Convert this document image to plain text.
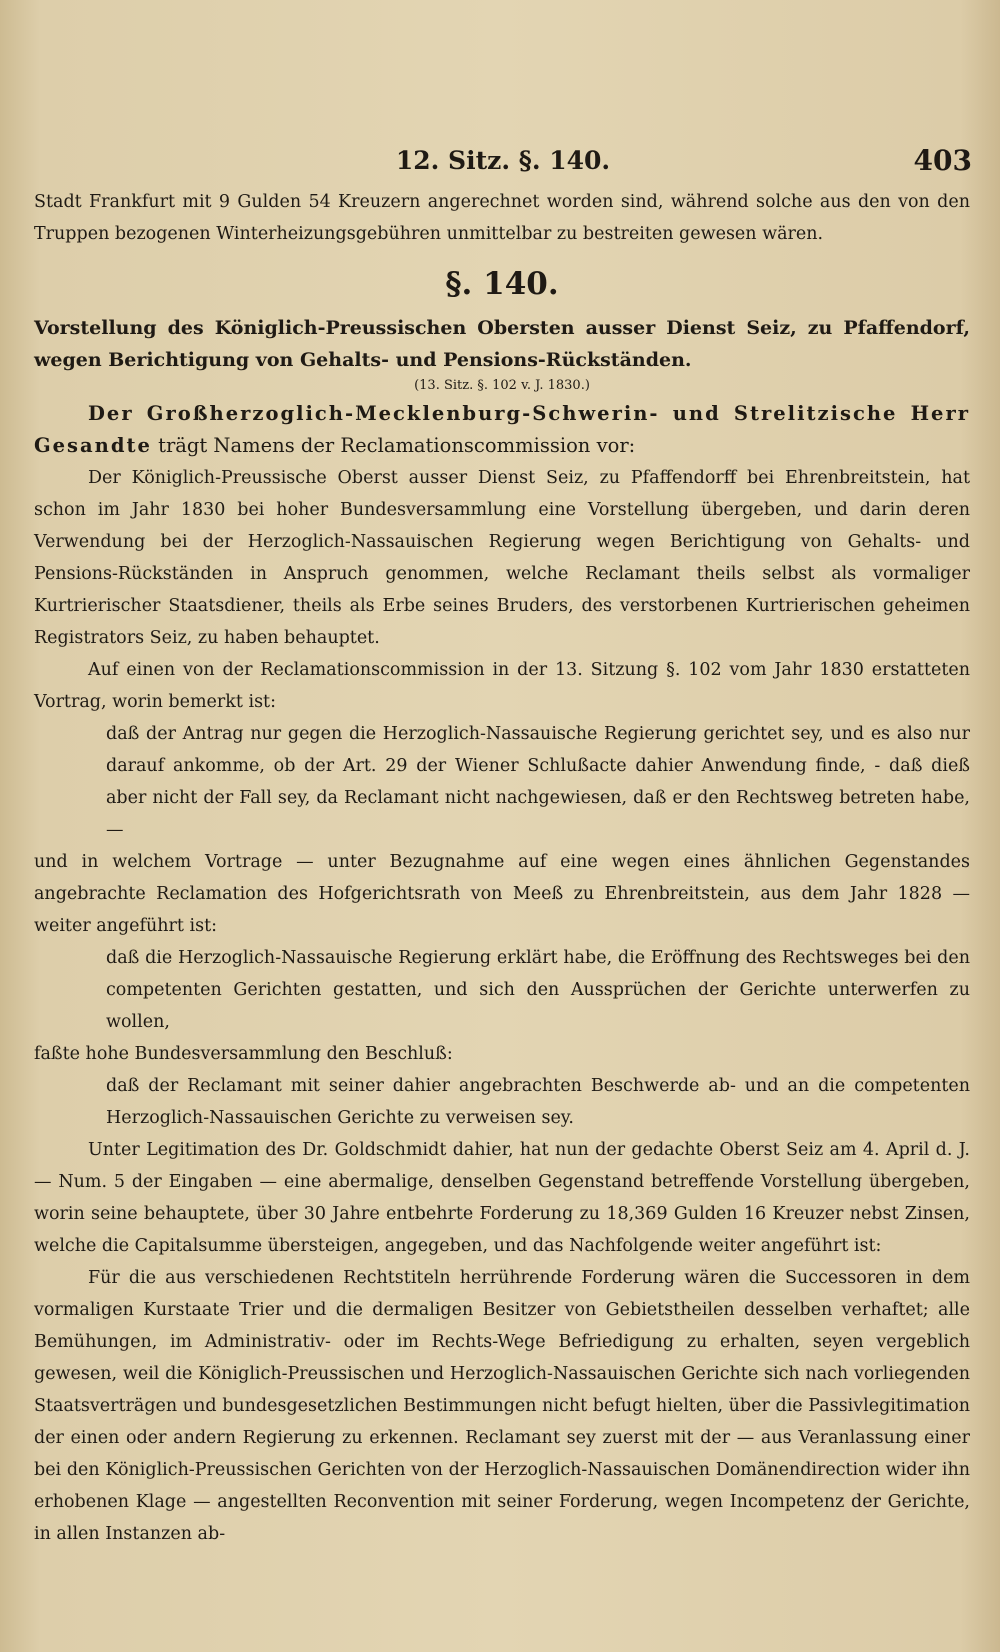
12. Sitz. §. 140.	403

Stadt Frankfurt mit 9 Gulden 54 Kreuzern angerechnet worden sind, während solche aus den von den Truppen bezogenen Winterheizungsgebühren unmittelbar zu bestreiten gewesen wären.

§. 140.

Vorstellung des Königlich-Preussischen Obersten ausser Dienst Seiz, zu Pfaffendorf, wegen Berichtigung von Gehalts- und Pensions-Rückständen.

(13. Sitz. §. 102 v. J. 1830.)

Der Großherzoglich-Mecklenburg-Schwerin- und Strelitzische Herr Gesandte trägt Namens der Reclamationscommission vor:

Der Königlich-Preussische Oberst ausser Dienst Seiz, zu Pfaffendorff bei Ehrenbreitstein, hat schon im Jahr 1830 bei hoher Bundesversammlung eine Vorstellung übergeben, und darin deren Verwendung bei der Herzoglich-Nassauischen Regierung wegen Berichtigung von Gehalts- und Pensions-Rückständen in Anspruch genommen, welche Reclamant theils selbst als vormaliger Kurtrierischer Staatsdiener, theils als Erbe seines Bruders, des verstorbenen Kurtrierischen geheimen Registrators Seiz, zu haben behauptet.

Auf einen von der Reclamationscommission in der 13. Sitzung §. 102 vom Jahr 1830 erstatteten Vortrag, worin bemerkt ist:

daß der Antrag nur gegen die Herzoglich-Nassauische Regierung gerichtet sey, und es also nur darauf ankomme, ob der Art. 29 der Wiener Schlußacte dahier Anwendung finde, - daß dieß aber nicht der Fall sey, da Reclamant nicht nachgewiesen, daß er den Rechtsweg betreten habe, —

und in welchem Vortrage — unter Bezugnahme auf eine wegen eines ähnlichen Gegenstandes angebrachte Reclamation des Hofgerichtsrath von Meeß zu Ehrenbreitstein, aus dem Jahr 1828 — weiter angeführt ist:

daß die Herzoglich-Nassauische Regierung erklärt habe, die Eröffnung des Rechtsweges bei den competenten Gerichten gestatten, und sich den Aussprüchen der Gerichte unterwerfen zu wollen,

faßte hohe Bundesversammlung den Beschluß:

daß der Reclamant mit seiner dahier angebrachten Beschwerde ab- und an die competenten Herzoglich-Nassauischen Gerichte zu verweisen sey.

Unter Legitimation des Dr. Goldschmidt dahier, hat nun der gedachte Oberst Seiz am 4. April d. J. — Num. 5 der Eingaben — eine abermalige, denselben Gegenstand betreffende Vorstellung übergeben, worin seine behauptete, über 30 Jahre entbehrte Forderung zu 18,369 Gulden 16 Kreuzer nebst Zinsen, welche die Capitalsumme übersteigen, angegeben, und das Nachfolgende weiter angeführt ist:

Für die aus verschiedenen Rechtstiteln herrührende Forderung wären die Successoren in dem vormaligen Kurstaate Trier und die dermaligen Besitzer von Gebietstheilen desselben verhaftet; alle Bemühungen, im Administrativ- oder im Rechts-Wege Befriedigung zu erhalten, seyen vergeblich gewesen, weil die Königlich-Preussischen und Herzoglich-Nassauischen Gerichte sich nach vorliegenden Staatsverträgen und bundesgesetzlichen Bestimmungen nicht befugt hielten, über die Passivlegitimation der einen oder andern Regierung zu erkennen. Reclamant sey zuerst mit der — aus Veranlassung einer bei den Königlich-Preussischen Gerichten von der Herzoglich-Nassauischen Domänendirection wider ihn erhobenen Klage — angestellten Reconvention mit seiner Forderung, wegen Incompetenz der Gerichte, in allen Instanzen ab-
